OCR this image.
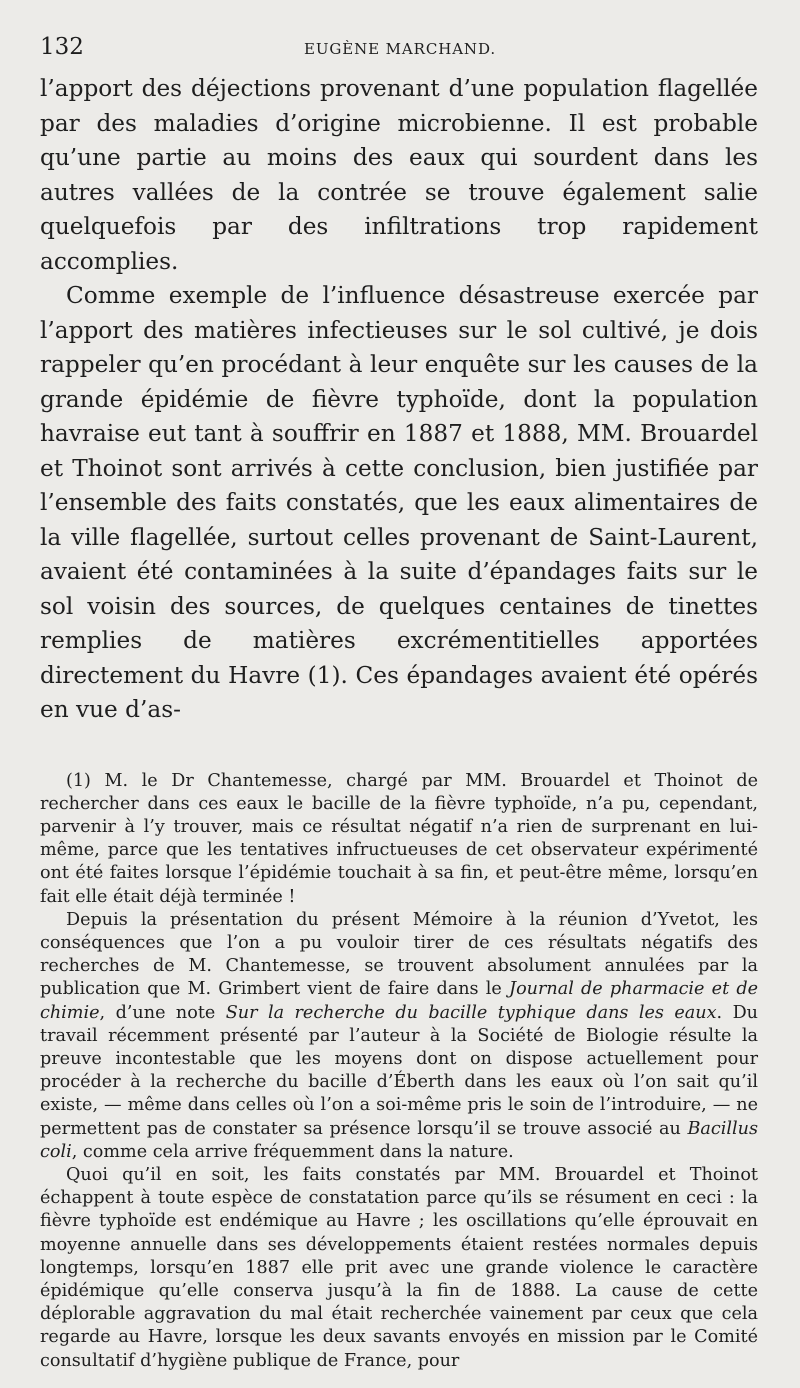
132	EUGÈNE MARCHAND.

l’apport des déjections provenant d’une population flagellée par des maladies d’origine microbienne. Il est probable qu’une partie au moins des eaux qui sourdent dans les autres vallées de la contrée se trouve également salie quelquefois par des infiltrations trop rapidement accomplies.

Comme exemple de l’influence désastreuse exercée par l’apport des matières infectieuses sur le sol cultivé, je dois rappeler qu’en procédant à leur enquête sur les causes de la grande épidémie de fièvre typhoïde, dont la population havraise eut tant à souffrir en 1887 et 1888, MM. Brouardel et Thoinot sont arrivés à cette conclusion, bien justifiée par l’ensemble des faits constatés, que les eaux alimentaires de la ville flagellée, surtout celles provenant de Saint-Laurent, avaient été contaminées à la suite d’épandages faits sur le sol voisin des sources, de quelques centaines de tinettes remplies de matières excrémentitielles apportées directement du Havre (1). Ces épandages avaient été opérés en vue d’as-

(1) M. le Dr Chantemesse, chargé par MM. Brouardel et Thoinot de rechercher dans ces eaux le bacille de la fièvre typhoïde, n’a pu, cependant, parvenir à l’y trouver, mais ce résultat négatif n’a rien de surprenant en lui-même, parce que les tentatives infructueuses de cet observateur expérimenté ont été faites lorsque l’épidémie touchait à sa fin, et peut-être même, lorsqu’en fait elle était déjà terminée !

Depuis la présentation du présent Mémoire à la réunion d’Yvetot, les conséquences que l’on a pu vouloir tirer de ces résultats négatifs des recherches de M. Chantemesse, se trouvent absolument annulées par la publication que M. Grimbert vient de faire dans le Journal de pharmacie et de chimie, d’une note Sur la recherche du bacille typhique dans les eaux. Du travail récemment présenté par l’auteur à la Société de Biologie résulte la preuve incontestable que les moyens dont on dispose actuellement pour procéder à la recherche du bacille d’Éberth dans les eaux où l’on sait qu’il existe, — même dans celles où l’on a soi-même pris le soin de l’introduire, — ne permettent pas de constater sa présence lorsqu’il se trouve associé au Bacillus coli, comme cela arrive fréquemment dans la nature.

Quoi qu’il en soit, les faits constatés par MM. Brouardel et Thoinot échappent à toute espèce de constatation parce qu’ils se résument en ceci : la fièvre typhoïde est endémique au Havre ; les oscillations qu’elle éprouvait en moyenne annuelle dans ses développements étaient restées normales depuis longtemps, lorsqu’en 1887 elle prit avec une grande violence le caractère épidémique qu’elle conserva jusqu’à la fin de 1888. La cause de cette déplorable aggravation du mal était recherchée vainement par ceux que cela regarde au Havre, lorsque les deux savants envoyés en mission par le Comité consultatif d’hygiène publique de France, pour
